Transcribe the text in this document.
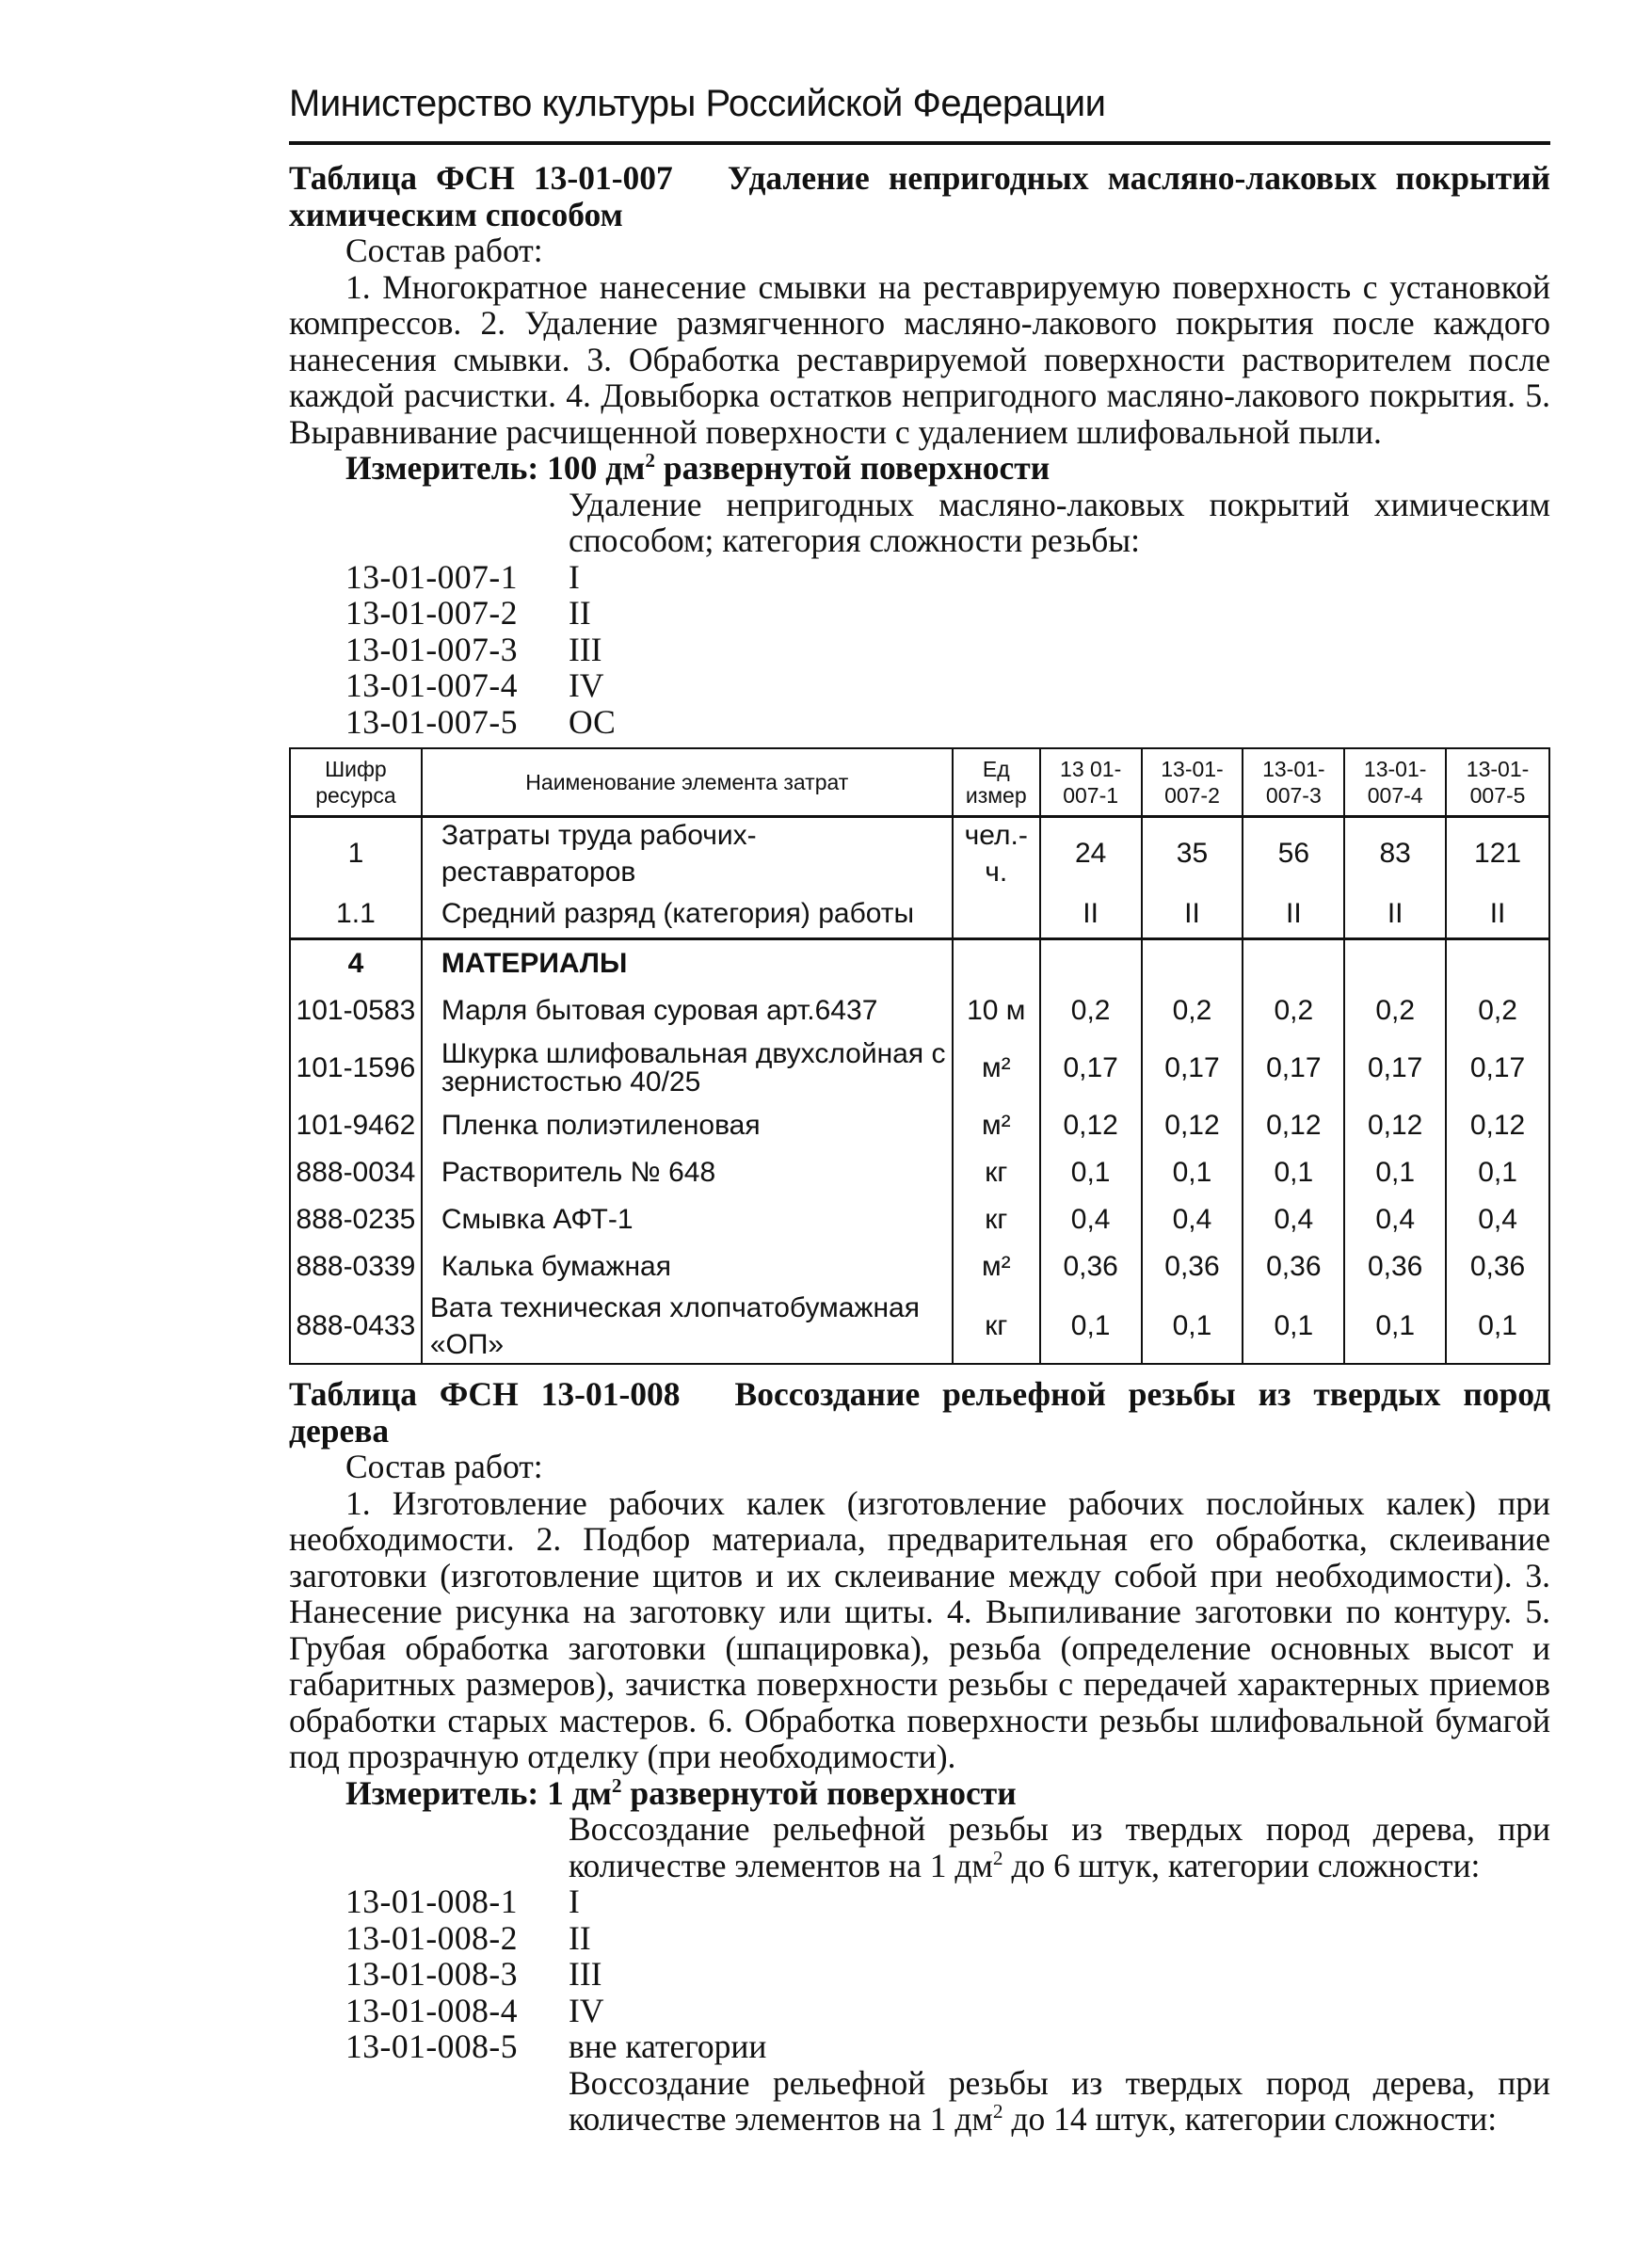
Министерство культуры Российской Федерации
Таблица ФСН 13-01-007 Удаление непригодных масляно-лаковых покрытий химическим способом
Состав работ:
1. Многократное нанесение смывки на реставрируемую поверхность с установкой компрессов. 2. Удаление размягченного масляно-лакового покрытия после каждого нанесения смывки. 3. Обработка реставрируемой поверхности растворителем после каждой расчистки. 4. Довыборка остатков непригодного масляно-лакового покрытия. 5. Выравнивание расчищенной поверхности с удалением шлифовальной пыли.
Измеритель: 100 $дм^2$ развернутой поверхности
Удаление непригодных масляно-лаковых покрытий химическим способом; категория сложности резьбы:
13-01-007-1	I
13-01-007-2	II
13-01-007-3	III
13-01-007-4	IV
13-01-007-5	ОС
Шифр ресурса	Наименование элемента затрат	Ед измер	13 01-007-1	13-01-007-2	13-01-007-3	13-01-007-4	13-01-007-5
1	Затраты труда рабочих-реставраторов	чел.-ч.	24	35	56	83	121
1.1	Средний разряд (категория) работы		II	II	II	II	II
4	МАТЕРИАЛЫ						
101-0583	Марля бытовая суровая арт.6437	10 м	0,2	0,2	0,2	0,2	0,2
101-1596	Шкурка шлифовальная двухслойная с зернистостью 40/25	м²	0,17	0,17	0,17	0,17	0,17
101-9462	Пленка полиэтиленовая	м²	0,12	0,12	0,12	0,12	0,12
888-0034	Растворитель № 648	кг	0,1	0,1	0,1	0,1	0,1
888-0235	Смывка АФТ-1	кг	0,4	0,4	0,4	0,4	0,4
888-0339	Калька бумажная	м²	0,36	0,36	0,36	0,36	0,36
888-0433	Вата техническая хлопчатобумажная «ОП»	кг	0,1	0,1	0,1	0,1	0,1
Таблица ФСН 13-01-008 Воссоздание рельефной резьбы из твердых пород дерева
Состав работ:
1. Изготовление рабочих калек (изготовление рабочих послойных калек) при необходимости. 2. Подбор материала, предварительная его обработка, склеивание заготовки (изготовление щитов и их склеивание между собой при необходимости). 3. Нанесение рисунка на заготовку или щиты. 4. Выпиливание заготовки по контуру. 5. Грубая обработка заготовки (шпацировка), резьба (определение основных высот и габаритных размеров), зачистка поверхности резьбы с передачей характерных приемов обработки старых мастеров. 6. Обработка поверхности резьбы шлифовальной бумагой под прозрачную отделку (при необходимости).
Измеритель: 1 $дм^2$ развернутой поверхности
Воссоздание рельефной резьбы из твердых пород дерева, при количестве элементов на 1 $дм^2$ до 6 штук, категории сложности:
13-01-008-1	I
13-01-008-2	II
13-01-008-3	III
13-01-008-4	IV
13-01-008-5	вне категории
Воссоздание рельефной резьбы из твердых пород дерева, при количестве элементов на 1 $дм^2$ до 14 штук, категории сложности:
